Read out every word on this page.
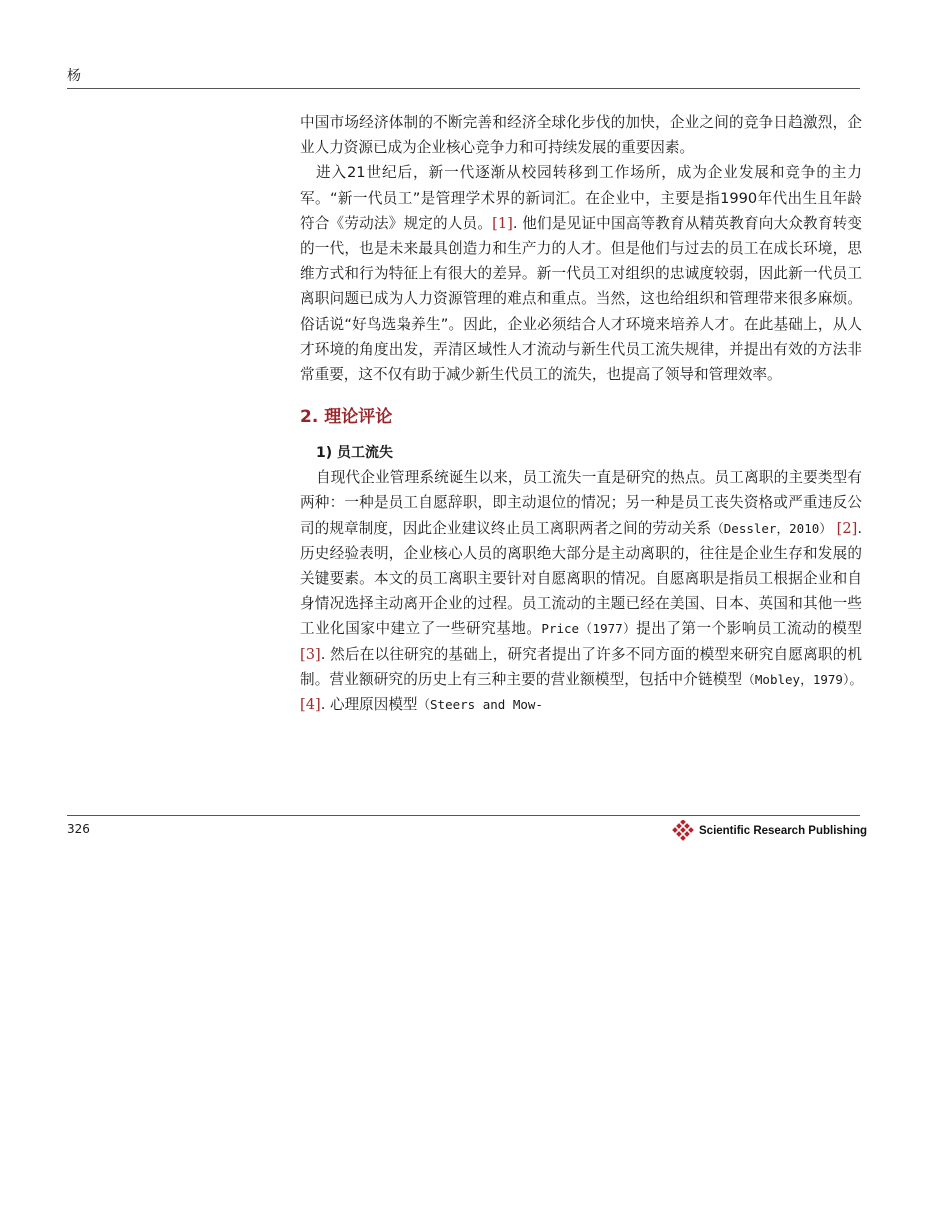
杨

中国市场经济体制的不断完善和经济全球化步伐的加快，企业之间的竞争日趋激烈，企业人力资源已成为企业核心竞争力和可持续发展的重要因素。

进入21世纪后，新一代逐渐从校园转移到工作场所，成为企业发展和竞争的主力军。“新一代员工”是管理学术界的新词汇。在企业中，主要是指1990年代出生且年龄符合《劳动法》规定的人员。[1]. 他们是见证中国高等教育从精英教育向大众教育转变的一代，也是未来最具创造力和生产力的人才。但是他们与过去的员工在成长环境，思维方式和行为特征上有很大的差异。新一代员工对组织的忠诚度较弱，因此新一代员工离职问题已成为人力资源管理的难点和重点。当然，这也给组织和管理带来很多麻烦。俗话说“好鸟选枭养生”。因此，企业必须结合人才环境来培养人才。在此基础上，从人才环境的角度出发，弄清区域性人才流动与新生代员工流失规律，并提出有效的方法非常重要，这不仅有助于减少新生代员工的流失，也提高了领导和管理效率。

2. 理论评论

1) 员工流失

自现代企业管理系统诞生以来，员工流失一直是研究的热点。员工离职的主要类型有两种：一种是员工自愿辞职，即主动退位的情况；另一种是员工丧失资格或严重违反公司的规章制度，因此企业建议终止员工离职两者之间的劳动关系（Dessler，2010） [2]. 历史经验表明，企业核心人员的离职绝大部分是主动离职的，往往是企业生存和发展的关键要素。本文的员工离职主要针对自愿离职的情况。自愿离职是指员工根据企业和自身情况选择主动离开企业的过程。员工流动的主题已经在美国、日本、英国和其他一些工业化国家中建立了一些研究基地。Price（1977）提出了第一个影响员工流动的模型[3]. 然后在以往研究的基础上，研究者提出了许多不同方面的模型来研究自愿离职的机制。营业额研究的历史上有三种主要的营业额模型，包括中介链模型（Mobley，1979）。[4]. 心理原因模型（Steers and Mow-

326	Scientific Research Publishing
